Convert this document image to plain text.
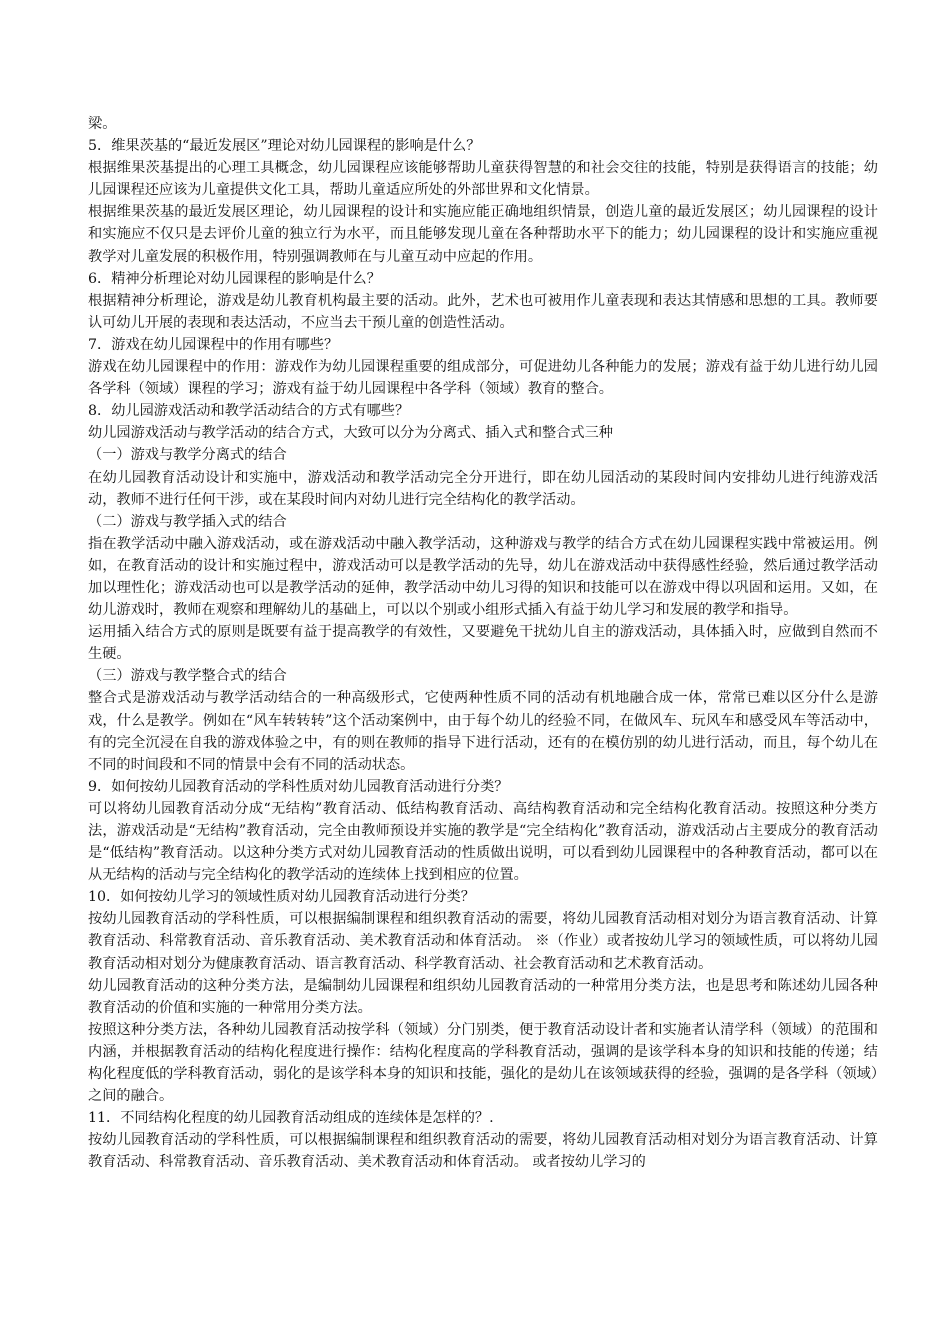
梁。

5．维果茨基的“最近发展区”理论对幼儿园课程的影响是什么？

根据维果茨基提出的心理工具概念，幼儿园课程应该能够帮助儿童获得智慧的和社会交往的技能，特别是获得语言的技能；幼儿园课程还应该为儿童提供文化工具，帮助儿童适应所处的外部世界和文化情景。

根据维果茨基的最近发展区理论，幼儿园课程的设计和实施应能正确地组织情景，创造儿童的最近发展区；幼儿园课程的设计和实施应不仅只是去评价儿童的独立行为水平，而且能够发现儿童在各种帮助水平下的能力；幼儿园课程的设计和实施应重视教学对儿童发展的积极作用，特别强调教师在与儿童互动中应起的作用。

6．精神分析理论对幼儿园课程的影响是什么？

根据精神分析理论，游戏是幼儿教育机构最主要的活动。此外，艺术也可被用作儿童表现和表达其情感和思想的工具。教师要认可幼儿开展的表现和表达活动，不应当去干预儿童的创造性活动。

7．游戏在幼儿园课程中的作用有哪些？

游戏在幼儿园课程中的作用：游戏作为幼儿园课程重要的组成部分，可促进幼儿各种能力的发展；游戏有益于幼儿进行幼儿园各学科（领域）课程的学习；游戏有益于幼儿园课程中各学科（领域）教育的整合。

8．幼儿园游戏活动和教学活动结合的方式有哪些？

幼儿园游戏活动与教学活动的结合方式，大致可以分为分离式、插入式和整合式三种

（一）游戏与教学分离式的结合

在幼儿园教育活动设计和实施中，游戏活动和教学活动完全分开进行，即在幼儿园活动的某段时间内安排幼儿进行纯游戏活动，教师不进行任何干涉，或在某段时间内对幼儿进行完全结构化的教学活动。

（二）游戏与教学插入式的结合

指在教学活动中融入游戏活动，或在游戏活动中融入教学活动，这种游戏与教学的结合方式在幼儿园课程实践中常被运用。例如，在教育活动的设计和实施过程中，游戏活动可以是教学活动的先导，幼儿在游戏活动中获得感性经验，然后通过教学活动加以理性化；游戏活动也可以是教学活动的延伸，教学活动中幼儿习得的知识和技能可以在游戏中得以巩固和运用。又如，在幼儿游戏时，教师在观察和理解幼儿的基础上，可以以个别或小组形式插入有益于幼儿学习和发展的教学和指导。

运用插入结合方式的原则是既要有益于提高教学的有效性，又要避免干扰幼儿自主的游戏活动，具体插入时，应做到自然而不生硬。

（三）游戏与教学整合式的结合

整合式是游戏活动与教学活动结合的一种高级形式，它使两种性质不同的活动有机地融合成一体，常常已难以区分什么是游戏，什么是教学。例如在“风车转转转”这个活动案例中，由于每个幼儿的经验不同，在做风车、玩风车和感受风车等活动中，有的完全沉浸在自我的游戏体验之中，有的则在教师的指导下进行活动，还有的在模仿别的幼儿进行活动，而且，每个幼儿在不同的时间段和不同的情景中会有不同的活动状态。

9．如何按幼儿园教育活动的学科性质对幼儿园教育活动进行分类？

可以将幼儿园教育活动分成“无结构”教育活动、低结构教育活动、高结构教育活动和完全结构化教育活动。按照这种分类方法，游戏活动是“无结构”教育活动，完全由教师预设并实施的教学是“完全结构化”教育活动，游戏活动占主要成分的教育活动是“低结构”教育活动。以这种分类方式对幼儿园教育活动的性质做出说明，可以看到幼儿园课程中的各种教育活动，都可以在从无结构的活动与完全结构化的教学活动的连续体上找到相应的位置。

10．如何按幼儿学习的领域性质对幼儿园教育活动进行分类？

按幼儿园教育活动的学科性质，可以根据编制课程和组织教育活动的需要，将幼儿园教育活动相对划分为语言教育活动、计算教育活动、科常教育活动、音乐教育活动、美术教育活动和体育活动。 ※（作业）或者按幼儿学习的领域性质，可以将幼儿园教育活动相对划分为健康教育活动、语言教育活动、科学教育活动、社会教育活动和艺术教育活动。

幼儿园教育活动的这种分类方法，是编制幼儿园课程和组织幼儿园教育活动的一种常用分类方法，也是思考和陈述幼儿园各种教育活动的价值和实施的一种常用分类方法。

按照这种分类方法，各种幼儿园教育活动按学科（领域）分门别类，便于教育活动设计者和实施者认清学科（领域）的范围和内涵，并根据教育活动的结构化程度进行操作：结构化程度高的学科教育活动，强调的是该学科本身的知识和技能的传递；结构化程度低的学科教育活动，弱化的是该学科本身的知识和技能，强化的是幼儿在该领域获得的经验，强调的是各学科（领域）之间的融合。

11．不同结构化程度的幼儿园教育活动组成的连续体是怎样的？.

按幼儿园教育活动的学科性质，可以根据编制课程和组织教育活动的需要，将幼儿园教育活动相对划分为语言教育活动、计算教育活动、科常教育活动、音乐教育活动、美术教育活动和体育活动。 或者按幼儿学习的
